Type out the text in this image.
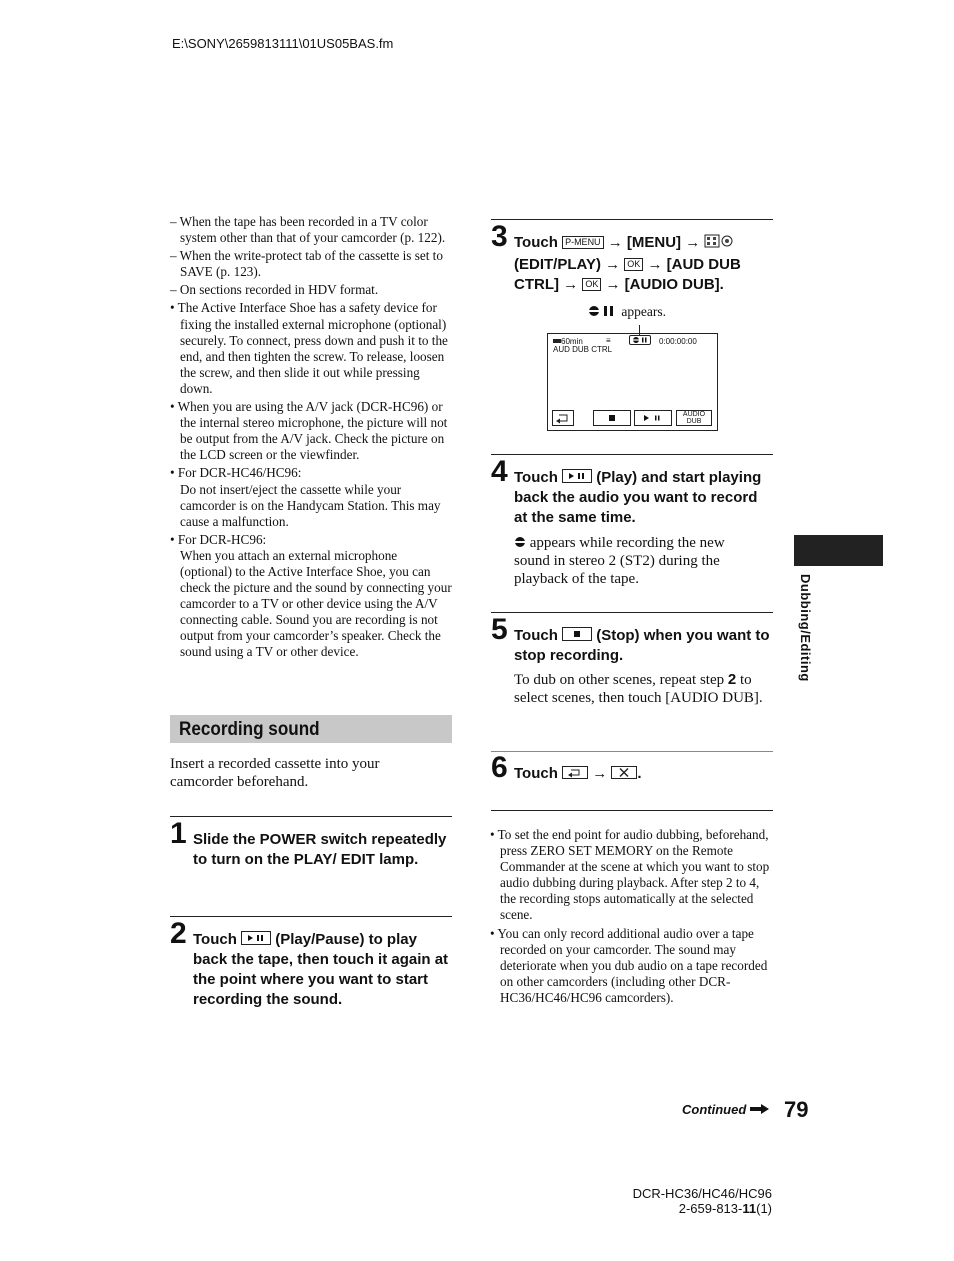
E:\SONY\2659813111\01US05BAS.fm
– When the tape has been recorded in a TV color system other than that of your camcorder (p. 122).
– When the write-protect tab of the cassette is set to SAVE (p. 123).
– On sections recorded in HDV format.
• The Active Interface Shoe has a safety device for fixing the installed external microphone (optional) securely. To connect, press down and push it to the end, and then tighten the screw. To release, loosen the screw, and then slide it out while pressing down.
• When you are using the A/V jack (DCR-HC96) or the internal stereo microphone, the picture will not be output from the A/V jack. Check the picture on the LCD screen or the viewfinder.
• For DCR-HC46/HC96:
Do not insert/eject the cassette while your camcorder is on the Handycam Station. This may cause a malfunction.
• For DCR-HC96:
When you attach an external microphone (optional) to the Active Interface Shoe, you can check the picture and the sound by connecting your camcorder to a TV or other device using the A/V connecting cable. Sound you are recording is not output from your camcorder’s speaker. Check the sound using a TV or other device.
Recording sound
Insert a recorded cassette into your camcorder beforehand.
1 Slide the POWER switch repeatedly to turn on the PLAY/ EDIT lamp.
2 Touch	(Play/Pause) to play back the tape, then touch it again at the point where you want to start recording the sound.
3 Touch P-MENU → [MENU] →  (EDIT/PLAY) → OK → [AUD DUB CTRL] → OK → [AUDIO DUB].
appears.
60min	≡	0:00:00:00
AUD DUB CTRL
AUDIO DUB
4 Touch	(Play) and start playing back the audio you want to record at the same time.
appears while recording the new sound in stereo 2 (ST2) during the playback of the tape.
5 Touch	(Stop) when you want to stop recording.
To dub on other scenes, repeat step 2 to select scenes, then touch [AUDIO DUB].
6 Touch → .
• To set the end point for audio dubbing, beforehand, press ZERO SET MEMORY on the Remote Commander at the scene at which you want to stop audio dubbing during playback. After step 2 to 4, the recording stops automatically at the selected scene.
• You can only record additional audio over a tape recorded on your camcorder. The sound may deteriorate when you dub audio on a tape recorded on other camcorders (including other DCR-HC36/HC46/HC96 camcorders).
Dubbing/Editing
Continued	79
DCR-HC36/HC46/HC96
2-659-813-11(1)
